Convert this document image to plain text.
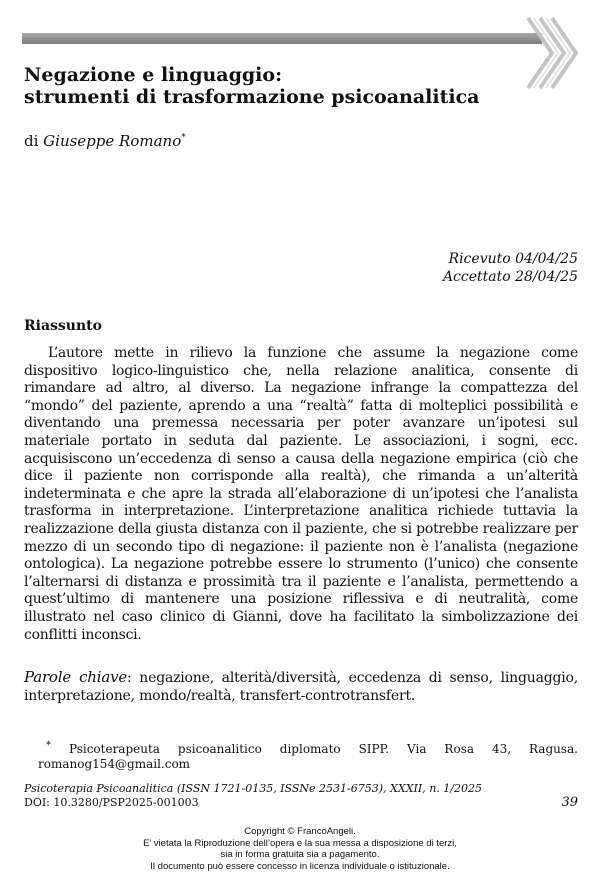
Negazione e linguaggio:
strumenti di trasformazione psicoanalitica
di Giuseppe Romano*
Ricevuto 04/04/25
Accettato 28/04/25
Riassunto

L’autore mette in rilievo la funzione che assume la negazione come dispositivo logico-linguistico che, nella relazione analitica, consente di rimandare ad altro, al diverso. La negazione infrange la compattezza del “mondo” del paziente, aprendo a una “realtà” fatta di molteplici possibilità e diventando una premessa necessaria per poter avanzare un’ipotesi sul materiale portato in seduta dal paziente. Le associazioni, i sogni, ecc. acquisiscono un’eccedenza di senso a causa della negazione empirica (ciò che dice il paziente non corrisponde alla realtà), che rimanda a un’alterità indeterminata e che apre la strada all’elaborazione di un’ipotesi che l’analista trasforma in interpretazione. L’interpretazione analitica richiede tuttavia la realizzazione della giusta distanza con il paziente, che si potrebbe realizzare per mezzo di un secondo tipo di negazione: il paziente non è l’analista (negazione ontologica). La negazione potrebbe essere lo strumento (l’unico) che consente l’alternarsi di distanza e prossimità tra il paziente e l’analista, permettendo a quest’ultimo di mantenere una posizione riflessiva e di neutralità, come illustrato nel caso clinico di Gianni, dove ha facilitato la simbolizzazione dei conflitti inconsci.

Parole chiave: negazione, alterità/diversità, eccedenza di senso, linguaggio, interpretazione, mondo/realtà, transfert-controtransfert.

* Psicoterapeuta psicoanalitico diplomato SIPP. Via Rosa 43, Ragusa. romanog154@gmail.com

Psicoterapia Psicoanalitica (ISSN 1721-0135, ISSNe 2531-6753), XXXII, n. 1/2025
DOI: 10.3280/PSP2025-001003	39
Copyright © FrancoAngeli.
E’ vietata la Riproduzione dell’opera e la sua messa a disposizione di terzi,
sia in forma gratuita sia a pagamento.
Il documento può essere concesso in licenza individuale o istituzionale.
